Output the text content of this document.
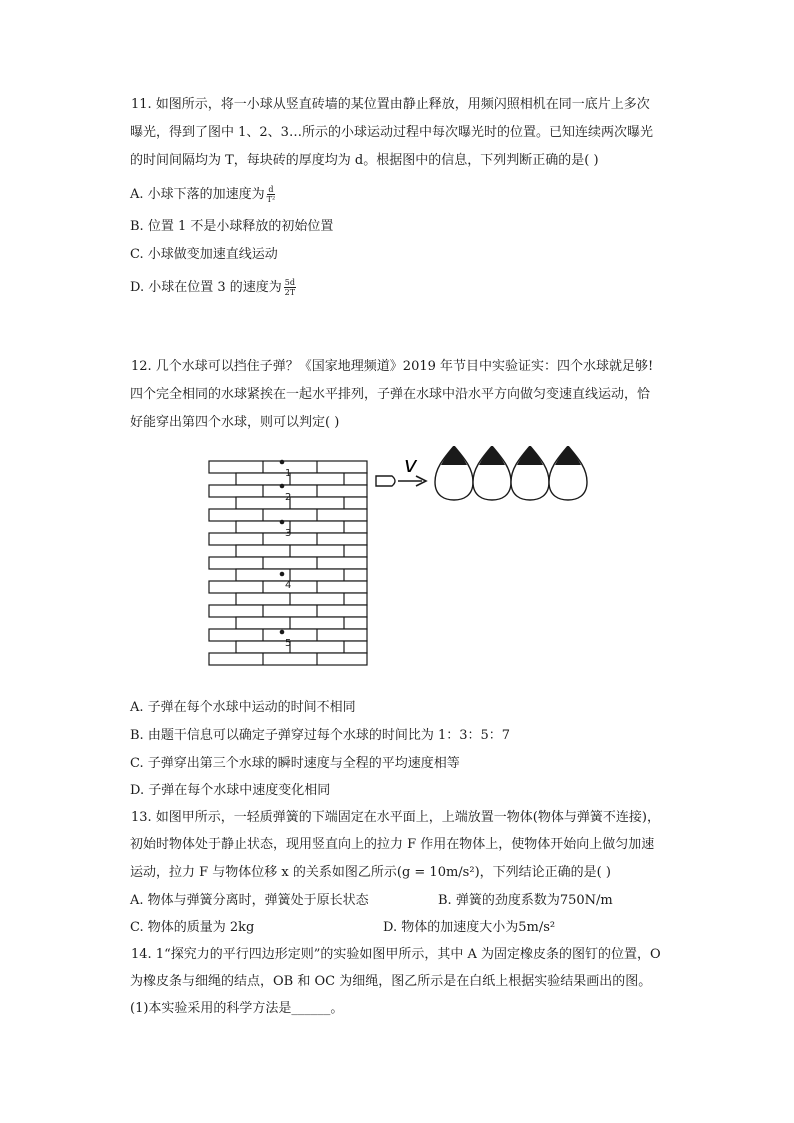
11. 如图所示，将一小球从竖直砖墙的某位置由静止释放，用频闪照相机在同一底片上多次
曝光，得到了图中 1、2、3…所示的小球运动过程中每次曝光时的位置。已知连续两次曝光
的时间间隔均为 T，每块砖的厚度均为 d。根据图中的信息，下列判断正确的是( )
A. 小球下落的加速度为 $\frac{d}{\text{T²}}$
B. 位置 1 不是小球释放的初始位置
C. 小球做变加速直线运动
D. 小球在位置 3 的速度为 $\frac{5d}{2T}$
12. 几个水球可以挡住子弹？《国家地理频道》2019 年节目中实验证实：四个水球就足够!
四个完全相同的水球紧挨在一起水平排列，子弹在水球中沿水平方向做匀变速直线运动，恰
好能穿出第四个水球，则可以判定( )
1
2
3
4
5
v
A. 子弹在每个水球中运动的时间不相同
B. 由题干信息可以确定子弹穿过每个水球的时间比为 1：3：5：7
C. 子弹穿出第三个水球的瞬时速度与全程的平均速度相等
D. 子弹在每个水球中速度变化相同
13. 如图甲所示，一轻质弹簧的下端固定在水平面上，上端放置一物体(物体与弹簧不连接)，
初始时物体处于静止状态，现用竖直向上的拉力 F 作用在物体上，使物体开始向上做匀加速
运动，拉力 F 与物体位移 x 的关系如图乙所示(g = 10m/s²)，下列结论正确的是( )
A. 物体与弹簧分离时，弹簧处于原长状态	B. 弹簧的劲度系数为750N/m
C. 物体的质量为 2kg	D. 物体的加速度大小为5m/s²
14. 1“探究力的平行四边形定则”的实验如图甲所示，其中 A 为固定橡皮条的图钉的位置，O
为橡皮条与细绳的结点，OB 和 OC 为细绳，图乙所示是在白纸上根据实验结果画出的图。
(1)本实验采用的科学方法是______。
